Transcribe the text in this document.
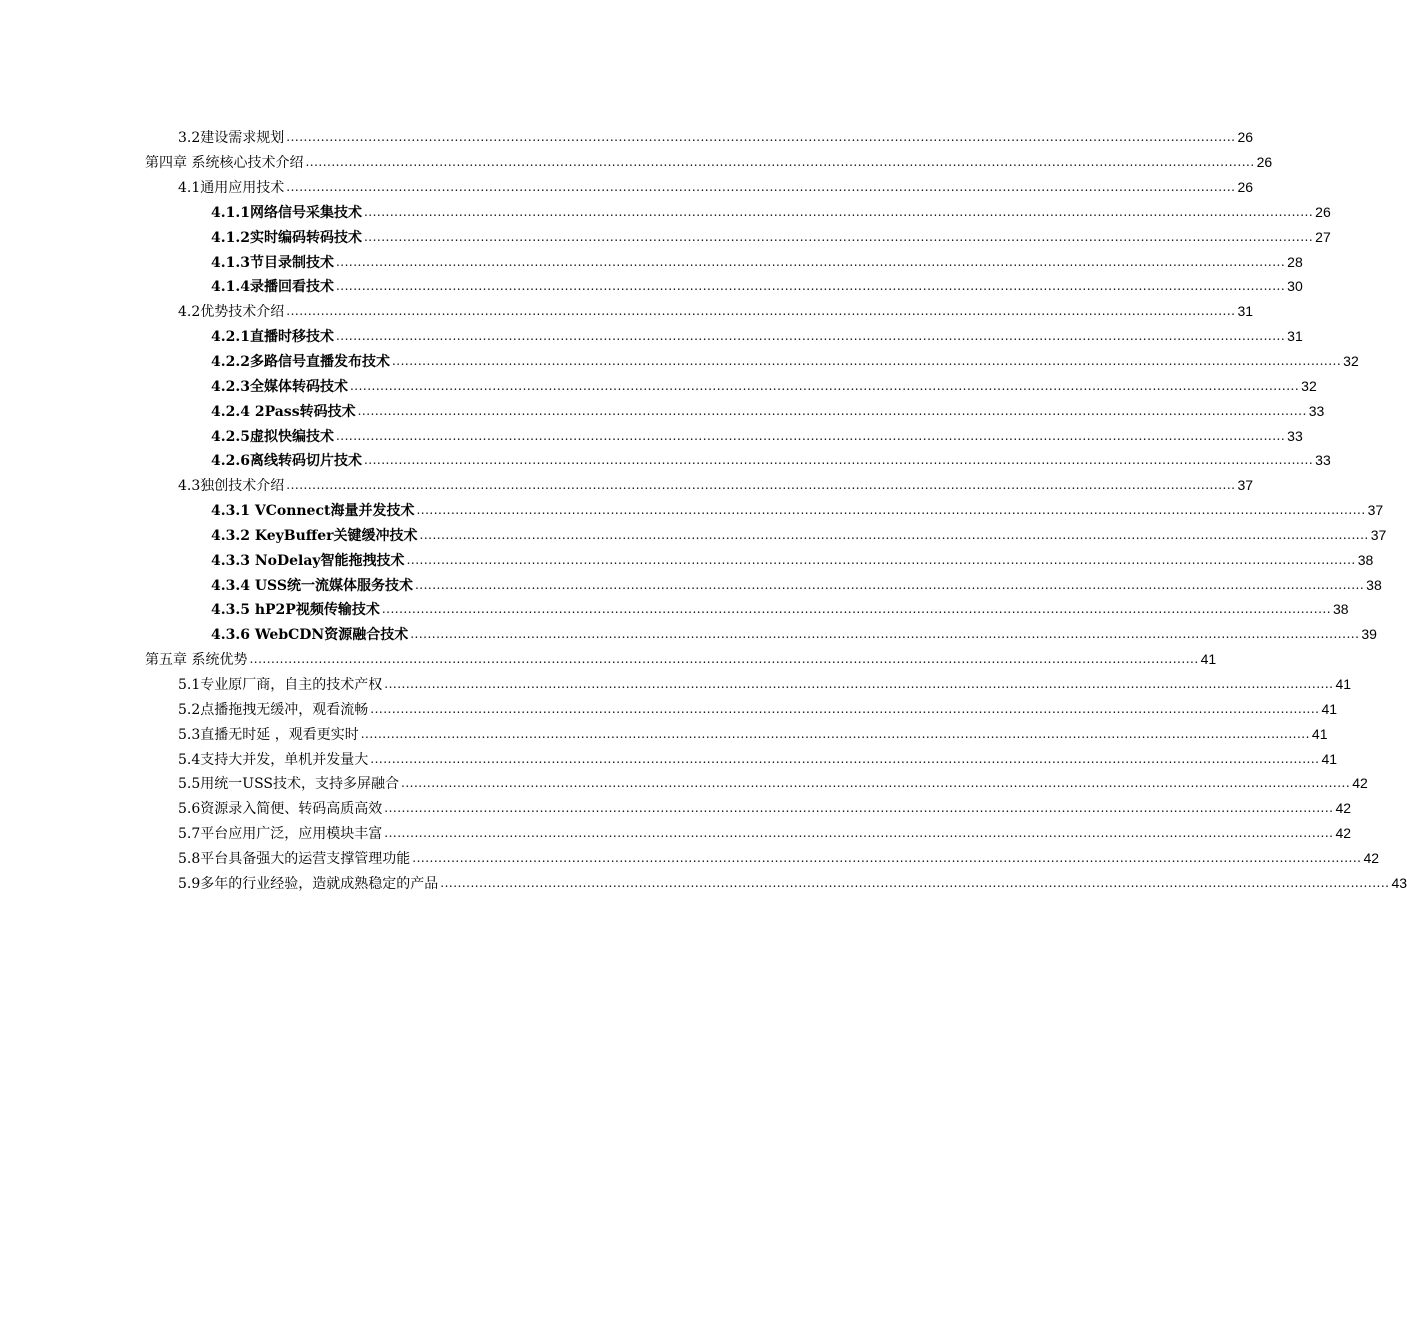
3.2建设需求规划 ............................................................................................................................................................................................................................ 26
第四章 系统核心技术介绍 ............................................................................................................................................................................................................................ 26
4.1通用应用技术 ............................................................................................................................................................................................................................ 26
4.1.1网络信号采集技术 ............................................................................................................................................................................................................................ 26
4.1.2实时编码转码技术 ............................................................................................................................................................................................................................ 27
4.1.3节目录制技术 ............................................................................................................................................................................................................................ 28
4.1.4录播回看技术 ............................................................................................................................................................................................................................ 30
4.2优势技术介绍 ............................................................................................................................................................................................................................ 31
4.2.1直播时移技术 ............................................................................................................................................................................................................................ 31
4.2.2多路信号直播发布技术 ............................................................................................................................................................................................................................ 32
4.2.3全媒体转码技术 ............................................................................................................................................................................................................................ 32
4.2.4 2Pass转码技术 ............................................................................................................................................................................................................................ 33
4.2.5虚拟快编技术 ............................................................................................................................................................................................................................ 33
4.2.6离线转码切片技术 ............................................................................................................................................................................................................................ 33
4.3独创技术介绍 ............................................................................................................................................................................................................................ 37
4.3.1 VConnect海量并发技术 ............................................................................................................................................................................................................................ 37
4.3.2 KeyBuffer关键缓冲技术 ............................................................................................................................................................................................................................ 37
4.3.3 NoDelay智能拖拽技术 ............................................................................................................................................................................................................................ 38
4.3.4 USS统一流媒体服务技术 ............................................................................................................................................................................................................................ 38
4.3.5 hP2P视频传输技术 ............................................................................................................................................................................................................................ 38
4.3.6 WebCDN资源融合技术 ............................................................................................................................................................................................................................ 39
第五章 系统优势 ............................................................................................................................................................................................................................ 41
5.1专业原厂商，自主的技术产权 ............................................................................................................................................................................................................................ 41
5.2点播拖拽无缓冲，观看流畅 ............................................................................................................................................................................................................................ 41
5.3直播无时延 ，观看更实时 ............................................................................................................................................................................................................................ 41
5.4支持大并发，单机并发量大 ............................................................................................................................................................................................................................ 41
5.5用统一USS技术，支持多屏融合 ............................................................................................................................................................................................................................ 42
5.6资源录入简便、转码高质高效 ............................................................................................................................................................................................................................ 42
5.7平台应用广泛，应用模块丰富 ............................................................................................................................................................................................................................ 42
5.8平台具备强大的运营支撑管理功能 ............................................................................................................................................................................................................................ 42
5.9多年的行业经验，造就成熟稳定的产品 ............................................................................................................................................................................................................................ 43
